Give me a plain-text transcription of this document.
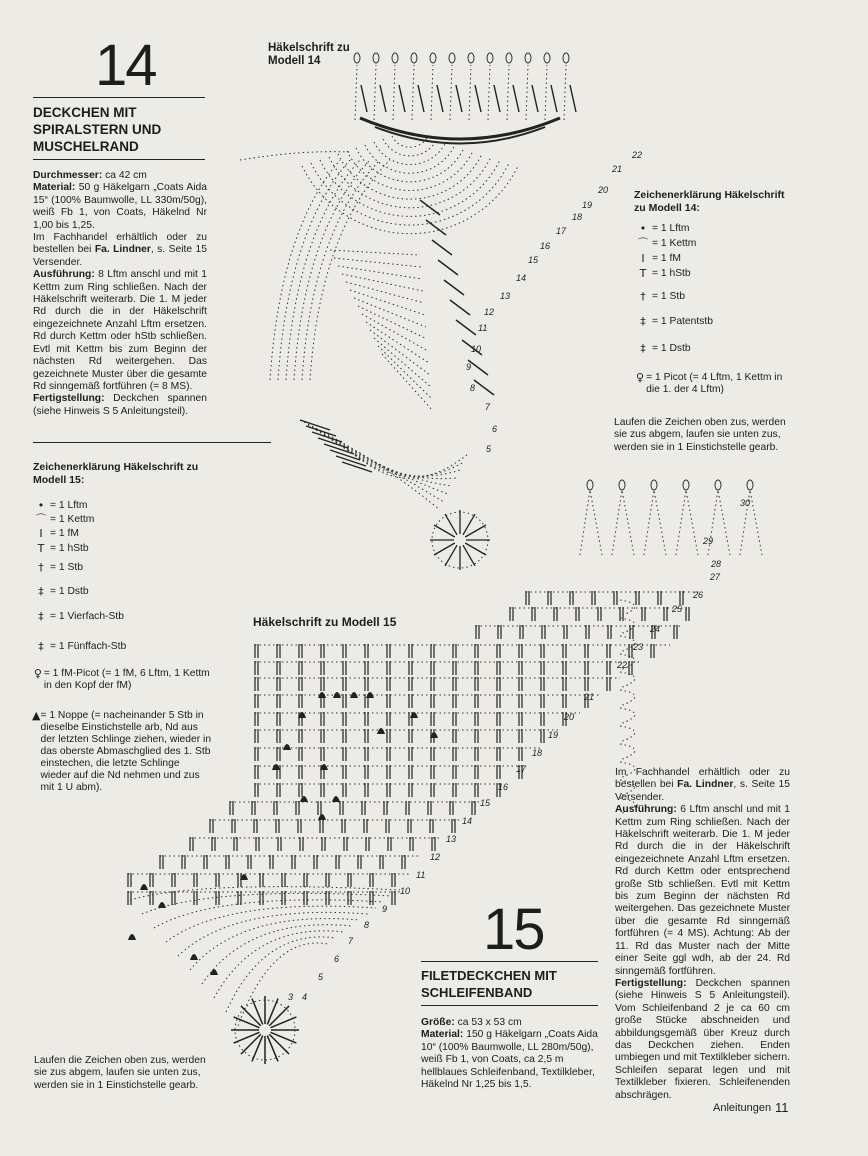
14
DECKCHEN MIT
SPIRALSTERN UND
MUSCHELRAND
Durchmesser: ca 42 cm
Material: 50 g Häkelgarn „Coats Aida 15“ (100% Baumwolle, LL 330m/50g), weiß Fb 1, von Coats, Häkelnd Nr 1,00 bis 1,25.
Im Fachhandel erhältlich oder zu bestellen bei Fa. Lindner, s. Seite 15 Versender.
Ausführung: 8 Lftm anschl und mit 1 Kettm zum Ring schließen. Nach der Häkelschrift weiterarb. Die 1. M jeder Rd durch die in der Häkelschrift eingezeichnete Anzahl Lftm ersetzen. Rd durch Kettm oder hStb schließen. Evtl mit Kettm bis zum Beginn der nächsten Rd weitergehen. Das gezeichnete Muster über die gesamte Rd sinngemäß fortführen (= 8 MS).
Fertigstellung: Deckchen spannen (siehe Hinweis S 5 Anleitungsteil).
Zeichenerklärung Häkelschrift zu
Modell 15:
• = 1 Lftm
⌒ = 1 Kettm
I = 1 fM
T = 1 hStb
† = 1 Stb
‡ = 1 Dstb
‡ = 1 Vierfach-Stb
‡ = 1 Fünffach-Stb
♀ = 1 fM-Picot (= 1 fM, 6 Lftm, 1 Kettm in den Kopf der fM)
▲ = 1 Noppe (= nacheinander 5 Stb in dieselbe Einstichstelle arb, Nd aus der letzten Schlinge ziehen, wieder in das oberste Abmaschglied des 1. Stb einstechen, die letzte Schlinge wieder auf die Nd nehmen und zus mit 1 U abm).
Häkelschrift zu
Modell 14
Zeichenerklärung Häkelschrift
zu Modell 14:
• = 1 Lftm
⌒ = 1 Kettm
I = 1 fM
T = 1 hStb
† = 1 Stb
‡ = 1 Patentstb
‡ = 1 Dstb
♀ = 1 Picot (= 4 Lftm, 1 Kettm in die 1. der 4 Lftm)
Laufen die Zeichen oben zus, werden sie zus abgem, laufen sie unten zus, werden sie in 1 Einstichstelle gearb.
Häkelschrift zu Modell 15
22
21
20
19
18
17
16
15
14
13
12
11
10
9
8
7
6
5
30
29
28
27
26
25
24
23
22
21
20
19
18
17
16
15
14
13
12
11
10
9
8
7
6
5
4
3
Laufen die Zeichen oben zus, werden sie zus abgem, laufen sie unten zus, werden sie in 1 Einstichstelle gearb.
15
FILETDECKCHEN MIT
SCHLEIFENBAND
Größe: ca 53 x 53 cm
Material: 150 g Häkelgarn „Coats Aida 10“ (100% Baumwolle, LL 280m/50g), weiß Fb 1, von Coats, ca 2,5 m hellblaues Schleifenband, Textilkleber, Häkelnd Nr 1,25 bis 1,5.
Im Fachhandel erhältlich oder zu bestellen bei Fa. Lindner, s. Seite 15 Versender.
Ausführung: 6 Lftm anschl und mit 1 Kettm zum Ring schließen. Nach der Häkelschrift weiterarb. Die 1. M jeder Rd durch die in der Häkelschrift eingezeichnete Anzahl Lftm ersetzen. Rd durch Kettm oder entsprechend große Stb schließen. Evtl mit Kettm bis zum Beginn der nächsten Rd weitergehen. Das gezeichnete Muster über die gesamte Rd sinngemäß fortführen (= 4 MS). Achtung: Ab der 11. Rd das Muster nach der Mitte einer Seite ggl wdh, ab der 24. Rd sinngemäß fortführen.
Fertigstellung: Deckchen spannen (siehe Hinweis S 5 Anleitungsteil). Vom Schleifenband 2 je ca 60 cm große Stücke abschneiden und abbildungsgemäß über Kreuz durch das Deckchen ziehen. Enden umbiegen und mit Textilkleber sichern. Schleifen separat legen und mit Textilkleber fixieren. Schleifenenden abschrägen.
Anleitungen 11
